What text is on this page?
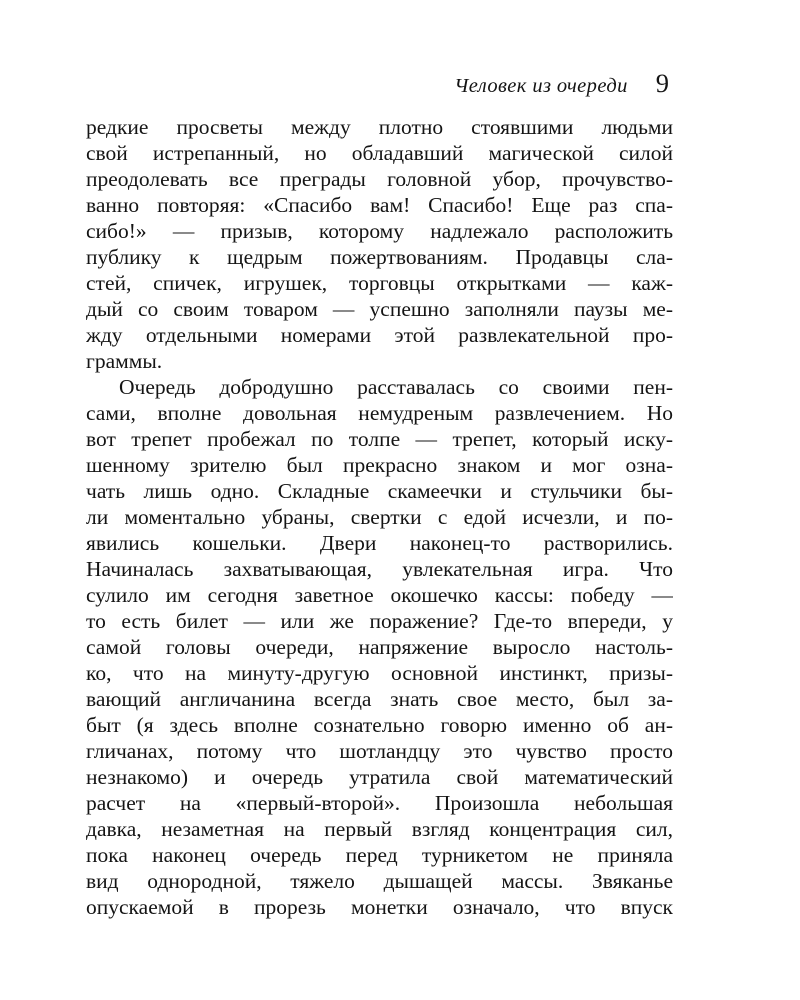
Человек из очереди 9
редкие просветы между плотно стоявшими людьми
свой истрепанный, но обладавший магической силой
преодолевать все преграды головной убор, прочувство-
ванно повторяя: «Спасибо вам! Спасибо! Еще раз спа-
сибо!» — призыв, которому надлежало расположить
публику к щедрым пожертвованиям. Продавцы сла-
стей, спичек, игрушек, торговцы открытками — каж-
дый со своим товаром — успешно заполняли паузы ме-
жду отдельными номерами этой развлекательной про-
граммы.
Очередь добродушно расставалась со своими пен-
сами, вполне довольная немудреным развлечением. Но
вот трепет пробежал по толпе — трепет, который иску-
шенному зрителю был прекрасно знаком и мог озна-
чать лишь одно. Складные скамеечки и стульчики бы-
ли моментально убраны, свертки с едой исчезли, и по-
явились кошельки. Двери наконец-то растворились.
Начиналась захватывающая, увлекательная игра. Что
сулило им сегодня заветное окошечко кассы: победу —
то есть билет — или же поражение? Где-то впереди, у
самой головы очереди, напряжение выросло настоль-
ко, что на минуту-другую основной инстинкт, призы-
вающий англичанина всегда знать свое место, был за-
быт (я здесь вполне сознательно говорю именно об ан-
гличанах, потому что шотландцу это чувство просто
незнакомо) и очередь утратила свой математический
расчет на «первый-второй». Произошла небольшая
давка, незаметная на первый взгляд концентрация сил,
пока наконец очередь перед турникетом не приняла
вид однородной, тяжело дышащей массы. Звяканье
опускаемой в прорезь монетки означало, что впуск
